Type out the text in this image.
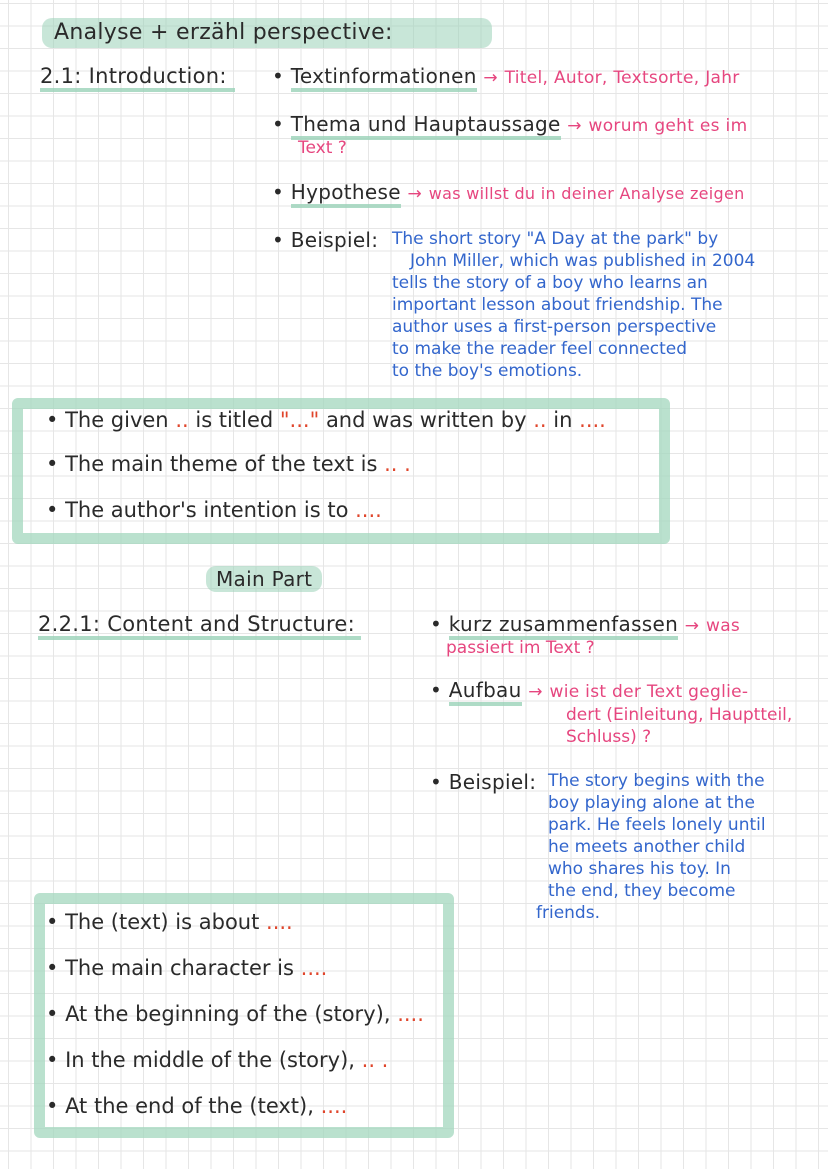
Analyse + erzähl perspective:
2.1: Introduction:	• Textinformationen → Titel, Autor, Textsorte, Jahr
• Thema und Hauptaussage → worum geht es im
Text ?
• Hypothese → was willst du in deiner Analyse zeigen
• Beispiel: The short story "A Day at the park" by
John Miller, which was published in 2004
tells the story of a boy who learns an
important lesson about friendship. The
author uses a first-person perspective
to make the reader feel connected
to the boy's emotions.
• The given .. is titled "..." and was written by .. in ....
• The main theme of the text is .. .
• The author's intention is to ....
Main Part
2.2.1: Content and Structure:	• kurz zusammenfassen → was
passiert im Text ?
• Aufbau → wie ist der Text geglie-
dert (Einleitung, Hauptteil,
Schluss) ?
• Beispiel: The story begins with the
boy playing alone at the
park. He feels lonely until
he meets another child
who shares his toy. In
the end, they become
friends.
• The (text) is about ....
• The main character is ....
• At the beginning of the (story), ....
• In the middle of the (story), .. .
• At the end of the (text), ....
